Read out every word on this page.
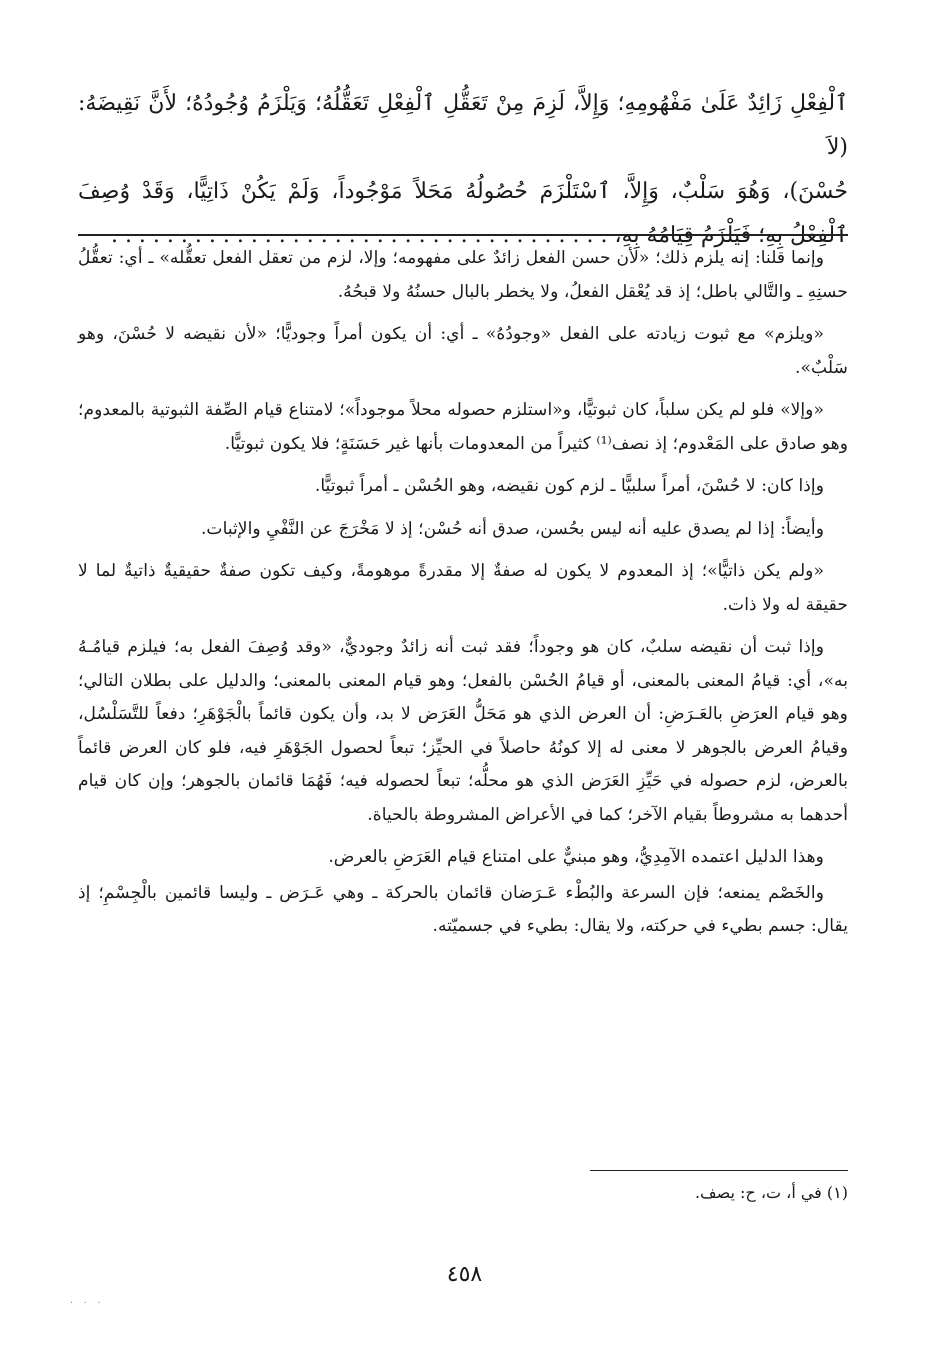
ٱلْفِعْلِ زَائِدٌ عَلَىٰ مَفْهُومِهِ؛ وَإِلاَّ، لَزِمَ مِنْ تَعَقُّلِ ٱلْفِعْلِ تَعَقُّلُهُ؛ وَيَلْزَمُ وُجُودُهُ؛ لأَنَّ نَقِيضَهُ: (لاَ

حُسْنَ)، وَهُوَ سَلْبٌ، وَإِلاَّ، ٱسْتَلْزَمَ حُصُولُهُ مَحَلاً مَوْجُوداً، وَلَمْ يَكُنْ ذَاتِيًّا، وَقَدْ وُصِفَ

ٱلْفِعْلُ بِهِ؛ فَيَلْزَمُ قِيَامُهُ بِهِ، . . . . . . . . . . . . . . . . . . . . . . . . . . . . . . . . . . . .

وإنما قلنا: إنه يلزم ذلك؛ «لأن حسن الفعل زائدٌ على مفهومه؛ وإلا، لزم من تعقل الفعل تعقُّله» ـ أي: تعقُّلُ حسنِهِ ـ والتَّالي باطل؛ إذ قد يُعْقل الفعلُ، ولا يخطر بالبال حسنُهُ ولا قبحُهُ.

«ويلزم» مع ثبوت زيادته على الفعل «وجودُهُ» ـ أي: أن يكون أمراً وجوديًّا؛ «لأن نقيضه لا حُسْنَ، وهو سَلْبٌ».

«وإلا» فلو لم يكن سلباً، كان ثبوتيًّا، و«استلزم حصوله محلاً موجوداً»؛ لامتناع قيام الصِّفة الثبوتية بالمعدوم؛ وهو صادق على المَعْدوم؛ إذ نصف⁽¹⁾ كثيراً من المعدومات بأنها غير حَسَنَةٍ؛ فلا يكون ثبوتيًّا.

وإذا كان: لا حُسْنَ، أمراً سلبيًّا ـ لزم كون نقيضه، وهو الحُسْن ـ أمراً ثبوتيًّا.

وأيضاً: إذا لم يصدق عليه أنه ليس بحُسن، صدق أنه حُسْن؛ إذ لا مَخْرَجَ عن النَّفْيِ والإثبات.

«ولم يكن ذاتيًّا»؛ إذ المعدوم لا يكون له صفةٌ إلا مقدرةً موهومةً، وكيف تكون صفةٌ حقيقيةٌ ذاتيةٌ لما لا حقيقة له ولا ذات.

وإذا ثبت أن نقيضه سلبٌ، كان هو وجوداً؛ فقد ثبت أنه زائدٌ وجوديٌّ، «وقد وُصِفَ الفعل به؛ فيلزم قيامُـهُ به»، أي: قيامُ المعنى بالمعنى، أو قيامُ الحُسْن بالفعل؛ وهو قيام المعنى بالمعنى؛ والدليل على بطلان التالي؛ وهو قيام العرَضِ بالعَـرَضِ: أن العرض الذي هو مَحَلُّ العَرَض لا بد، وأن يكون قائماً بالْجَوْهَرِ؛ دفعاً للتَّسَلْسُل، وقيامُ العرض بالجوهر لا معنى له إلا كونُهُ حاصلاً في الحيِّز؛ تبعاً لحصول الجَوْهَرِ فيه، فلو كان العرض قائماً بالعرض، لزم حصوله في حَيِّزِ العَرَض الذي هو محلُّه؛ تبعاً لحصوله فيه؛ فَهُمَا قائمان بالجوهر؛ وإن كان قيام أحدهما به مشروطاً بقيام الآخر؛ كما في الأعراض المشروطة بالحياة.

وهذا الدليل اعتمده الآمِدِيُّ، وهو مبنيٌّ على امتناع قيام العَرَضِ بالعرض.

والخَصْم يمنعه؛ فإن السرعة والبُطْء عَـرَضان قائمان بالحركة ـ وهي عَـرَض ـ وليسا قائمين بالْجِسْمِ؛ إذ يقال: جسم بطيء في حركته، ولا يقال: بطيء في جسميّته.

(١) في أ، ت، ح: يصف.

٤٥٨
. . .
